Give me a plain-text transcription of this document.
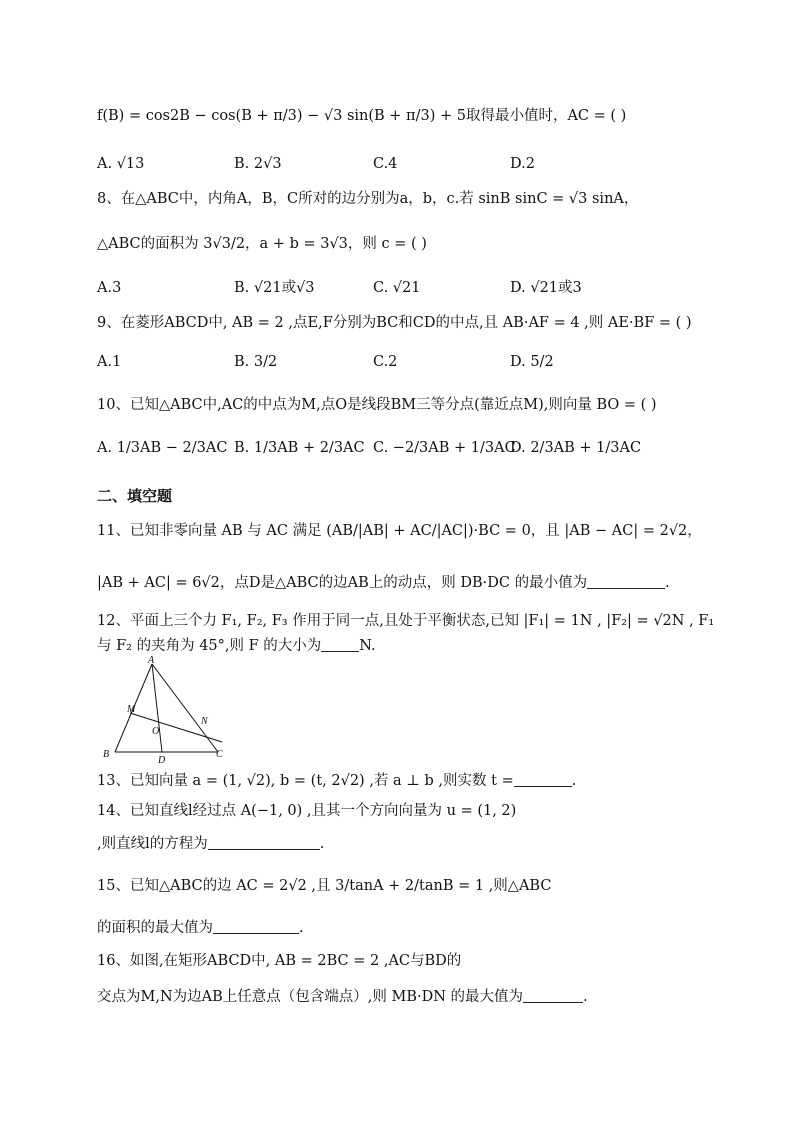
f(B) = cos2B − cos(B + π/3) − √3 sin(B + π/3) + 5取得最小值时，AC = ( )
A. √13	B. 2√3	C.4	D.2
8、在△ABC中，内角A，B，C所对的边分别为a，b，c.若 sinB sinC = √3 sinA，
△ABC的面积为 3√3/2，a + b = 3√3，则 c = ( )
A.3	B. √21或√3	C. √21	D. √21或3
9、在菱形ABCD中, AB = 2 ,点E,F分别为BC和CD的中点,且 AB·AF = 4 ,则 AE·BF = ( )
A.1	B. 3/2	C.2	D. 5/2
10、已知△ABC中,AC的中点为M,点O是线段BM三等分点(靠近点M),则向量 BO = ( )
A. 1/3AB − 2/3AC B. 1/3AB + 2/3AC C. −2/3AB + 1/3AC
D. 2/3AB + 1/3AC
二、填空题
11、已知非零向量 AB 与 AC 满足 (AB/|AB| + AC/|AC|)·BC = 0，且 |AB − AC| = 2√2，
|AB + AC| = 6√2，点D是△ABC的边AB上的动点，则 DB·DC 的最小值为	.
12、平面上三个力 F₁, F₂, F₃ 作用于同一点,且处于平衡状态,已知 |F₁| = 1N , |F₂| = √2N , F₁
与 F₂ 的夹角为 45°,则 F 的大小为	N.
A
M
N
O
B
D
C
13、已知向量 a = (1, √2), b = (t, 2√2) ,若 a ⊥ b ,则实数 t =	.
14、已知直线l经过点 A(−1, 0) ,且其一个方向向量为 u = (1, 2)
,则直线l的方程为	.
15、已知△ABC的边 AC = 2√2 ,且 3/tanA + 2/tanB = 1 ,则△ABC
的面积的最大值为	.
16、如图,在矩形ABCD中, AB = 2BC = 2 ,AC与BD的
交点为M,N为边AB上任意点（包含端点）,则 MB·DN 的最大值为	.
